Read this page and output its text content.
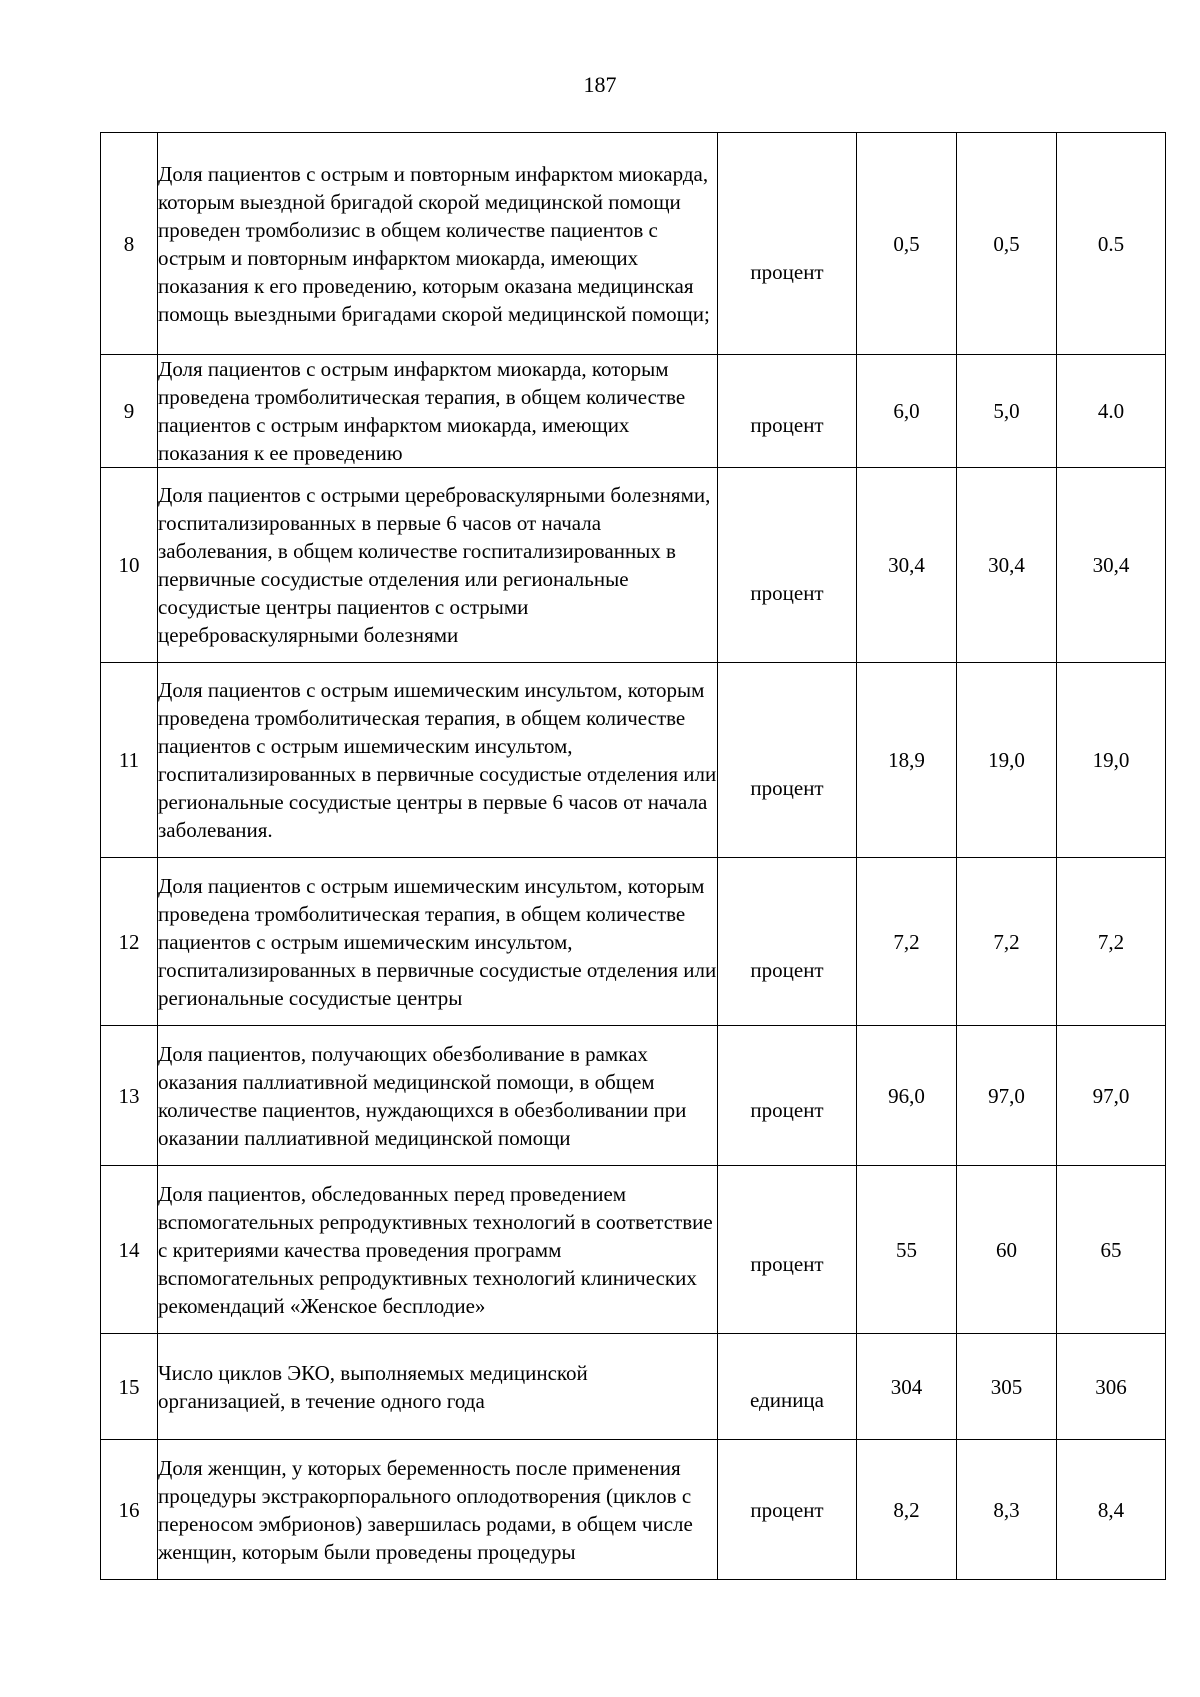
187
8	Доля пациентов с острым и повторным инфарктом миокарда, которым выездной бригадой скорой медицинской помощи проведен тромболизис в общем количестве пациентов с острым и повторным инфарктом миокарда, имеющих показания к его проведению, которым оказана медицинская помощь выездными бригадами скорой медицинской помощи;	процент	0,5	0,5	0.5
9	Доля пациентов с острым инфарктом миокарда, которым проведена тромболитическая терапия, в общем количестве пациентов с острым инфарктом миокарда, имеющих показания к ее проведению	процент	6,0	5,0	4.0
10	Доля пациентов с острыми цереброваскулярными болезнями, госпитализированных в первые 6 часов от начала заболевания, в общем количестве госпитализированных в первичные сосудистые отделения или региональные сосудистые центры пациентов с острыми цереброваскулярными болезнями	процент	30,4	30,4	30,4
11	Доля пациентов с острым ишемическим инсультом, которым проведена тромболитическая терапия, в общем количестве пациентов с острым ишемическим инсультом, госпитализированных в первичные сосудистые отделения или региональные сосудистые центры в первые 6 часов от начала заболевания.	процент	18,9	19,0	19,0
12	Доля пациентов с острым ишемическим инсультом, которым проведена тромболитическая терапия, в общем количестве пациентов с острым ишемическим инсультом, госпитализированных в первичные сосудистые отделения или региональные сосудистые центры	процент	7,2	7,2	7,2
13	Доля пациентов, получающих обезболивание в рамках оказания паллиативной медицинской помощи, в общем количестве пациентов, нуждающихся в обезболивании при оказании паллиативной медицинской помощи	процент	96,0	97,0	97,0
14	Доля пациентов, обследованных перед проведением вспомогательных репродуктивных технологий в соответствие с критериями качества проведения программ вспомогательных репродуктивных технологий клинических рекомендаций «Женское бесплодие»	процент	55	60	65
15	Число циклов ЭКО, выполняемых медицинской организацией, в течение одного года	единица	304	305	306
16	Доля женщин, у которых беременность после применения процедуры экстракорпорального оплодотворения (циклов с переносом эмбрионов) завершилась родами, в общем числе женщин, которым были проведены процедуры	процент	8,2	8,3	8,4
